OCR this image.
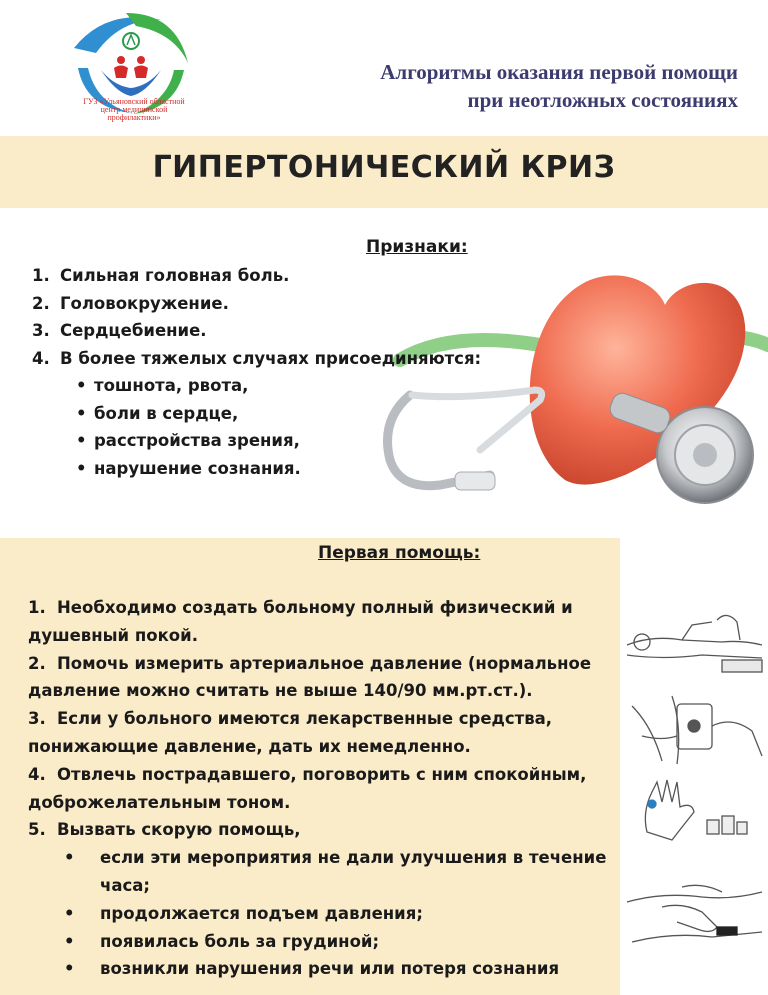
ГУЗ «Ульяновский областной центр медицинской профилактики»
Алгоритмы оказания первой помощи
при неотложных состояниях
ГИПЕРТОНИЧЕСКИЙ КРИЗ
Признаки:
1. Сильная головная боль.
2. Головокружение.
3. Сердцебиение.
4. В более тяжелых случаях присоединяются:
• тошнота, рвота,
• боли в сердце,
• расстройства зрения,
• нарушение сознания.
Первая помощь:
1. Необходимо создать больному полный физический и
душевный покой.
2. Помочь измерить артериальное давление (нормальное
давление можно считать не выше 140/90 мм.рт.ст.).
3. Если у больного имеются лекарственные средства,
понижающие давление, дать их немедленно.
4. Отвлечь пострадавшего, поговорить с ним спокойным,
доброжелательным тоном.
5. Вызвать скорую помощь,
• если эти мероприятия не дали улучшения в течение
часа;
• продолжается подъем давления;
• появилась боль за грудиной;
• возникли нарушения речи или потеря сознания
